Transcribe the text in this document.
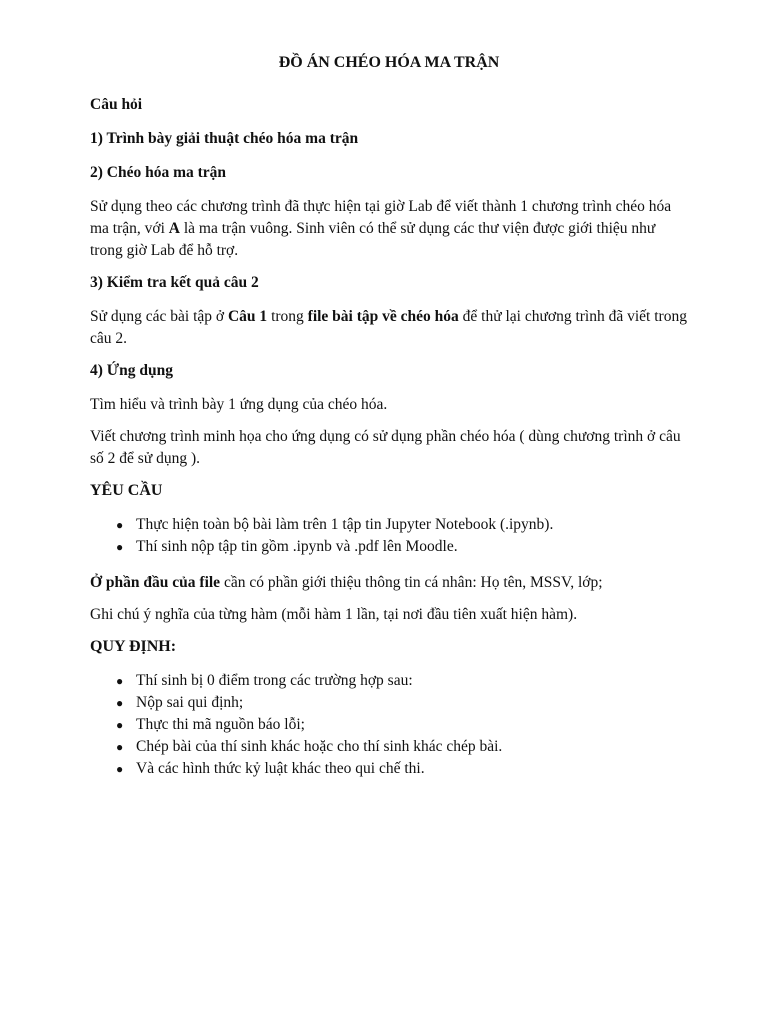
ĐỒ ÁN CHÉO HÓA MA TRẬN

Câu hỏi

1) Trình bày giải thuật chéo hóa ma trận

2) Chéo hóa ma trận

Sử dụng theo các chương trình đã thực hiện tại giờ Lab để viết thành 1 chương trình chéo hóa ma trận, với A là ma trận vuông. Sinh viên có thể sử dụng các thư viện được giới thiệu như trong giờ Lab để hỗ trợ.

3) Kiểm tra kết quả câu 2

Sử dụng các bài tập ở Câu 1 trong file bài tập về chéo hóa để thử lại chương trình đã viết trong câu 2.

4) Ứng dụng

Tìm hiểu và trình bày 1 ứng dụng của chéo hóa.

Viết chương trình minh họa cho ứng dụng có sử dụng phần chéo hóa ( dùng chương trình ở câu số 2 để sử dụng ).

YÊU CẦU

● Thực hiện toàn bộ bài làm trên 1 tập tin Jupyter Notebook (.ipynb).
● Thí sinh nộp tập tin gồm .ipynb và .pdf lên Moodle.

Ở phần đầu của file cần có phần giới thiệu thông tin cá nhân: Họ tên, MSSV, lớp;

Ghi chú ý nghĩa của từng hàm (mỗi hàm 1 lần, tại nơi đầu tiên xuất hiện hàm).

QUY ĐỊNH:

● Thí sinh bị 0 điểm trong các trường hợp sau:
● Nộp sai qui định;
● Thực thi mã nguồn báo lỗi;
● Chép bài của thí sinh khác hoặc cho thí sinh khác chép bài.
● Và các hình thức kỷ luật khác theo qui chế thi.
